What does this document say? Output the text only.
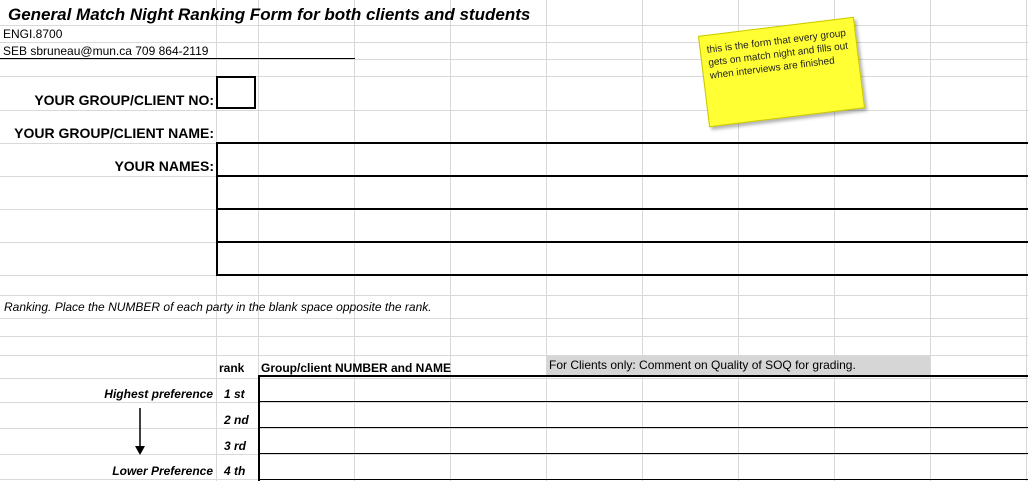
General Match Night Ranking Form for both clients and students
ENGI.8700
SEB sbruneau@mun.ca 709 864-2119
YOUR GROUP/CLIENT NO:
YOUR GROUP/CLIENT NAME:
YOUR NAMES:
Ranking. Place the NUMBER of each party in the blank space opposite the rank.
rank Group/client NUMBER and NAME	For Clients only: Comment on Quality of SOQ for grading.
Highest preference 1 st
2 nd
3 rd
Lower Preference 4 th
this is the form that every group gets on match night and fills out when interviews are finished
